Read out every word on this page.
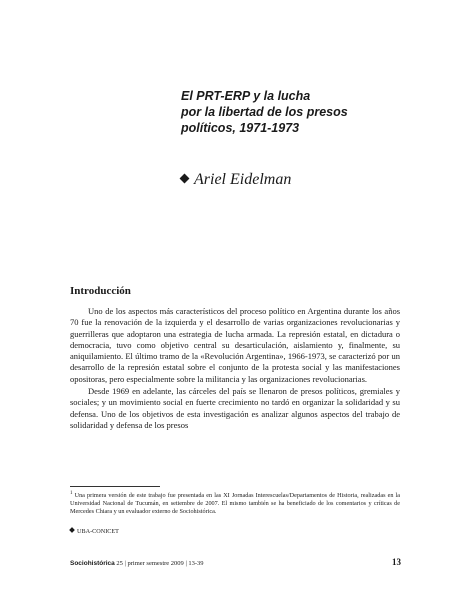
El PRT-ERP y la lucha
por la libertad de los presos
políticos, 1971-1973
Ariel Eidelman
Introducción

Uno de los aspectos más característicos del proceso político en Argentina durante los años 70 fue la renovación de la izquierda y el desarrollo de varias organizaciones revolucionarias y guerrilleras que adoptaron una estrategia de lucha armada. La represión estatal, en dictadura o democracia, tuvo como objetivo central su desarticulación, aislamiento y, finalmente, su aniquilamiento. El último tramo de la «Revolución Argentina», 1966-1973, se caracterizó por un desarrollo de la represión estatal sobre el conjunto de la protesta social y las manifestaciones opositoras, pero especialmente sobre la militancia y las organizaciones revolucionarias.

Desde 1969 en adelante, las cárceles del país se llenaron de presos políticos, gremiales y sociales; y un movimiento social en fuerte crecimiento no tardó en organizar la solidaridad y su defensa. Uno de los objetivos de esta investigación es analizar algunos aspectos del trabajo de solidaridad y defensa de los presos

$^1$ Una primera versión de este trabajo fue presentada en las XI Jornadas Interescuelas/Departamentos de Historia, realizadas en la Universidad Nacional de Tucumán, en setiembre de 2007. El mismo también se ha beneficiado de los comentarios y críticas de Mercedes Chiara y un evaluador externo de Sociohistórica.
UBA-CONICET
Sociohistórica 25 | primer semestre 2009 | 13-39	13
